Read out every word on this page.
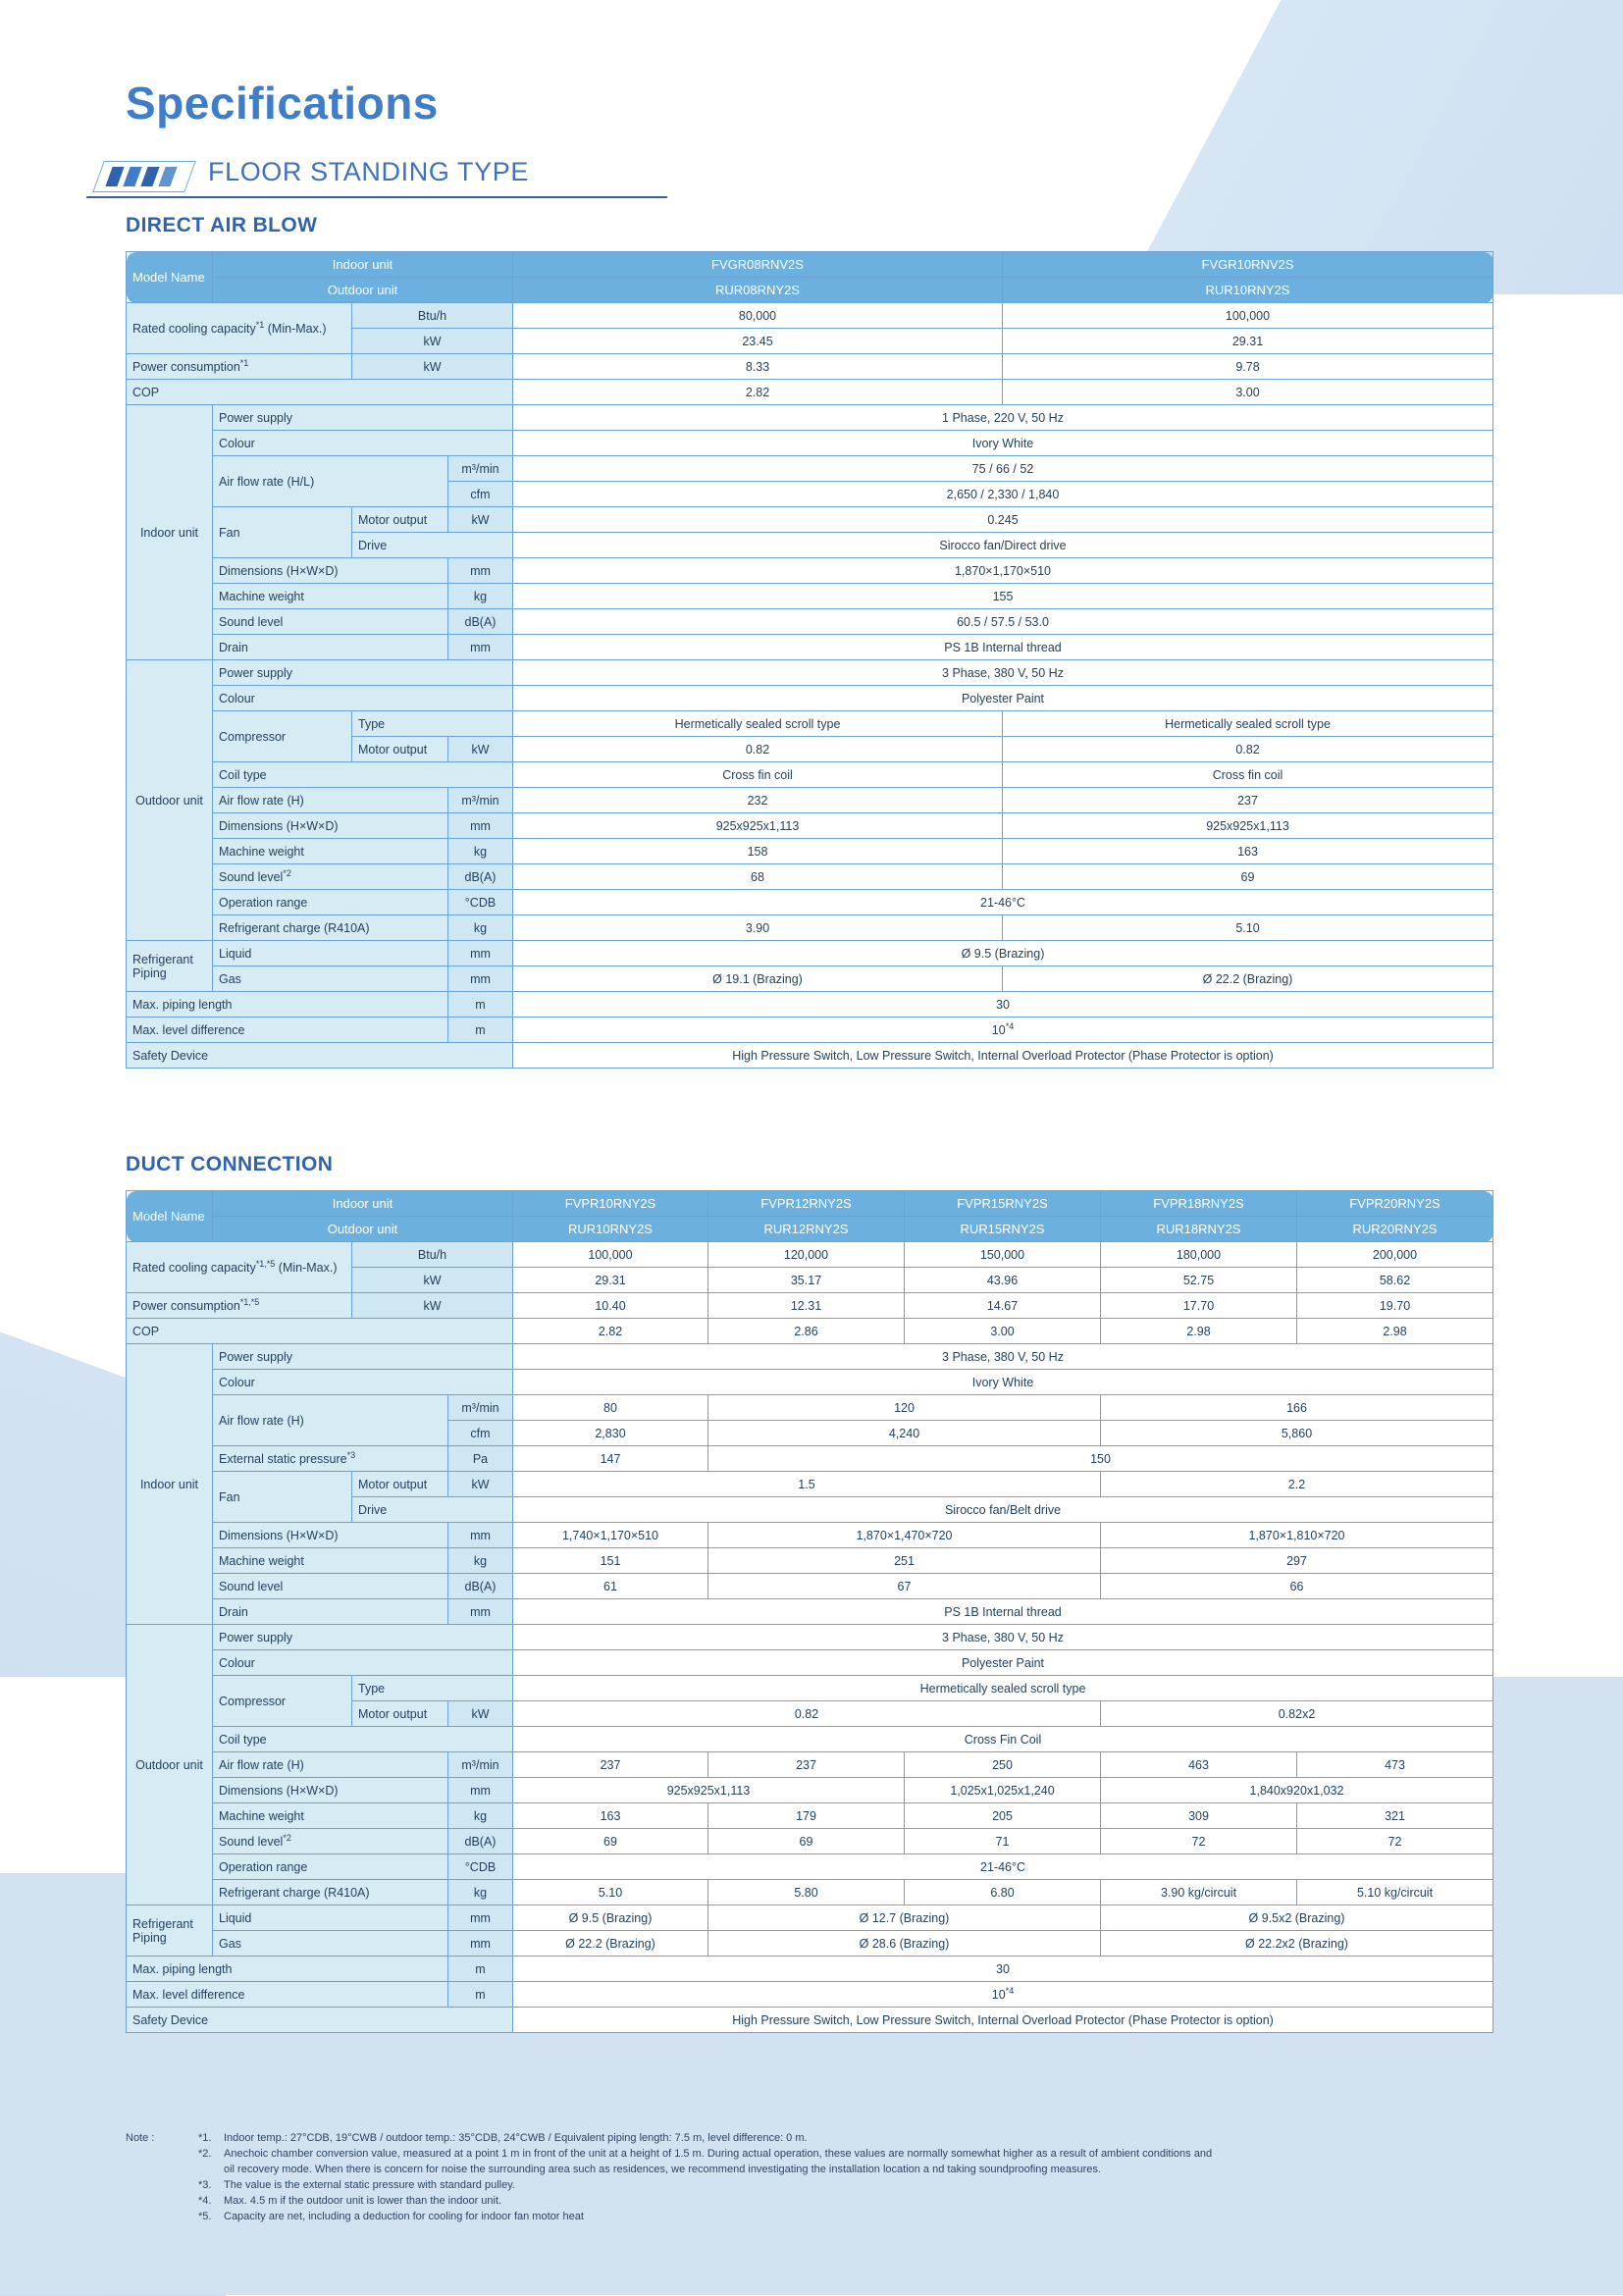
Specifications
FLOOR STANDING TYPE
DIRECT AIR BLOW
Model Name	Indoor unit			FVGR08RNV2S	FVGR10RNV2S
	Outdoor unit			RUR08RNY2S	RUR10RNY2S
Rated cooling capacity$^{*1}$ (Min-Max.)		Btu/h		80,000	100,000
		kW		23.45	29.31
Power consumption$^{*1}$		kW		8.33	9.78
COP				2.82	3.00
Indoor unit	Power supply			1 Phase, 220 V, 50 Hz	
	Colour			Ivory White	
	Air flow rate (H/L)		m³/min	75 / 66 / 52	
			cfm	2,650 / 2,330 / 1,840	
	Fan	Motor output	kW	0.245	
		Drive		Sirocco fan/Direct drive	
	Dimensions (H×W×D)		mm	1,870×1,170×510	
	Machine weight		kg	155	
	Sound level		dB(A)	60.5 / 57.5 / 53.0	
	Drain		mm	PS 1B Internal thread	
Outdoor unit	Power supply			3 Phase, 380 V, 50 Hz	
	Colour			Polyester Paint	
	Compressor	Type		Hermetically sealed scroll type	Hermetically sealed scroll type
		Motor output	kW	0.82	0.82
	Coil type			Cross fin coil	Cross fin coil
	Air flow rate (H)		m³/min	232	237
	Dimensions (H×W×D)		mm	925x925x1,113	925x925x1,113
	Machine weight		kg	158	163
	Sound level$^{*2}$		dB(A)	68	69
	Operation range		°CDB	21-46°C	
	Refrigerant charge (R410A)		kg	3.90	5.10
Refrigerant
Piping	Liquid		mm	Ø 9.5 (Brazing)	
	Gas		mm	Ø 19.1 (Brazing)	Ø 22.2 (Brazing)
Max. piping length			m	30	
Max. level difference			m	10$^{*4}$
Safety Device				High Pressure Switch, Low Pressure Switch, Internal Overload Protector (Phase Protector is option)	
DUCT CONNECTION
Model Name	Indoor unit			FVPR10RNY2S	FVPR12RNY2S	FVPR15RNY2S	FVPR18RNY2S	FVPR20RNY2S
	Outdoor unit			RUR10RNY2S	RUR12RNY2S	RUR15RNY2S	RUR18RNY2S	RUR20RNY2S
Rated cooling capacity$^{*1,*5}$ (Min-Max.)		Btu/h		100,000	120,000	150,000	180,000	200,000
		kW		29.31	35.17	43.96	52.75	58.62
Power consumption$^{*1,*5}$		kW		10.40	12.31	14.67	17.70	19.70
COP				2.82	2.86	3.00	2.98	2.98
Indoor unit	Power supply			3 Phase, 380 V, 50 Hz				
	Colour			Ivory White				
	Air flow rate (H)		m³/min	80	120		166	
			cfm	2,830	4,240		5,860	
	External static pressure$^{*3}$		Pa	147	150			
	Fan	Motor output	kW	1.5			2.2	
		Drive		Sirocco fan/Belt drive				
	Dimensions (H×W×D)		mm	1,740×1,170×510	1,870×1,470×720		1,870×1,810×720	
	Machine weight		kg	151	251		297	
	Sound level		dB(A)	61	67		66	
	Drain		mm	PS 1B Internal thread				
Outdoor unit	Power supply			3 Phase, 380 V, 50 Hz				
	Colour			Polyester Paint				
	Compressor	Type		Hermetically sealed scroll type				
		Motor output	kW	0.82			0.82x2	
	Coil type			Cross Fin Coil				
	Air flow rate (H)		m³/min	237	237	250	463	473
	Dimensions (H×W×D)		mm	925x925x1,113		1,025x1,025x1,240	1,840x920x1,032	
	Machine weight		kg	163	179	205	309	321
	Sound level$^{*2}$		dB(A)	69	69	71	72	72
	Operation range		°CDB	21-46°C				
	Refrigerant charge (R410A)		kg	5.10	5.80	6.80	3.90 kg/circuit	5.10 kg/circuit
Refrigerant
Piping	Liquid		mm	Ø 9.5 (Brazing)	Ø 12.7 (Brazing)		Ø 9.5x2 (Brazing)	
	Gas		mm	Ø 22.2 (Brazing)	Ø 28.6 (Brazing)		Ø 22.2x2 (Brazing)	
Max. piping length			m	30				
Max. level difference			m	10$^{*4}$
Safety Device				High Pressure Switch, Low Pressure Switch, Internal Overload Protector (Phase Protector is option)				
Note :	*1.	Indoor temp.: 27°CDB, 19°CWB / outdoor temp.: 35°CDB, 24°CWB / Equivalent piping length: 7.5 m, level difference: 0 m.
*2.	Anechoic chamber conversion value, measured at a point 1 m in front of the unit at a height of 1.5 m. During actual operation, these values are normally somewhat higher as a result of ambient conditions and
oil recovery mode. When there is concern for noise the surrounding area such as residences, we recommend investigating the installation location a nd taking soundproofing measures.
*3.	The value is the external static pressure with standard pulley.
*4.	Max. 4.5 m if the outdoor unit is lower than the indoor unit.
*5.	Capacity are net, including a deduction for cooling for indoor fan motor heat
